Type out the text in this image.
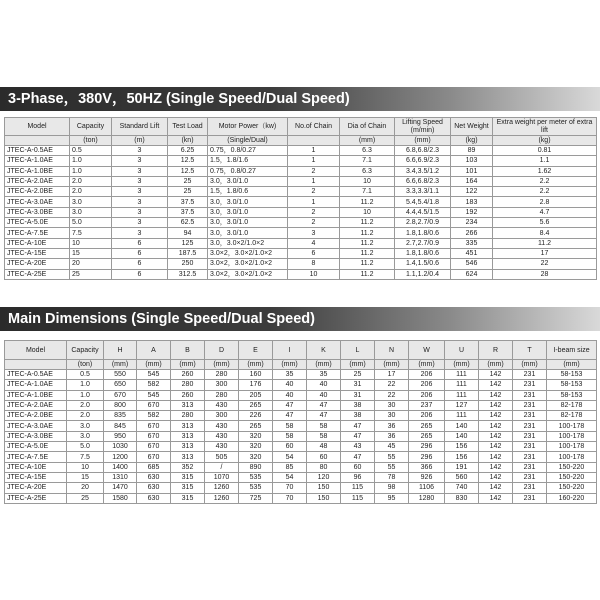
3-Phase，380V，50HZ (Single Speed/Dual Speed)
Model	Capacity	Standard Lift	Test Load	Motor Power（kw)	No.of Chain	Dia of Chain	Lifting Speed (m/min)	Net Weight	Extra weight per meter of extra lift
	(ton)	(m)	(kn)	(Single/Dual)		(mm)	(mm)	(kg)	(kg)
JTEC-A-0.5AE	0.5	3	6.25	0.75，0.8/0.27	1	6.3	6.8,6.8/2.3	89	0.81
JTEC-A-1.0AE	1.0	3	12.5	1.5，1.8/1.6	1	7.1	6.6,6.9/2.3	103	1.1
JTEC-A-1.0BE	1.0	3	12.5	0.75，0.8/0.27	2	6.3	3.4,3.5/1.2	101	1.62
JTEC-A-2.0AE	2.0	3	25	3.0，3.0/1.0	1	10	6.6,6.8/2.3	164	2.2
JTEC-A-2.0BE	2.0	3	25	1.5，1.8/0.6	2	7.1	3.3,3.3/1.1	122	2.2
JTEC-A-3.0AE	3.0	3	37.5	3.0，3.0/1.0	1	11.2	5.4,5.4/1.8	183	2.8
JTEC-A-3.0BE	3.0	3	37.5	3.0，3.0/1.0	2	10	4.4,4.5/1.5	192	4.7
JTEC-A-5.0E	5.0	3	62.5	3.0，3.0/1.0	2	11.2	2.8,2.7/0.9	234	5.6
JTEC-A-7.5E	7.5	3	94	3.0，3.0/1.0	3	11.2	1.8,1.8/0.6	266	8.4
JTEC-A-10E	10	6	125	3.0，3.0×2/1.0×2	4	11.2	2.7,2.7/0.9	335	11.2
JTEC-A-15E	15	6	187.5	3.0×2，3.0×2/1.0×2	6	11.2	1.8,1.8/0.6	451	17
JTEC-A-20E	20	6	250	3.0×2，3.0×2/1.0×2	8	11.2	1.4,1.5/0.6	546	22
JTEC-A-25E	25	6	312.5	3.0×2，3.0×2/1.0×2	10	11.2	1.1,1.2/0.4	624	28
Main Dimensions (Single Speed/Dual Speed)
Model	Capacity	H	A	B	D	E	I	K	L	N	W	U	R	T	I-beam size
	(ton)	(mm)	(mm)	(mm)	(mm)	(mm)	(mm)	(mm)	(mm)	(mm)	(mm)	(mm)	(mm)	(mm)	(mm)
JTEC-A-0.5AE	0.5	550	545	260	280	160	35	35	25	17	206	111	142	231	58-153
JTEC-A-1.0AE	1.0	650	582	280	300	176	40	40	31	22	206	111	142	231	58-153
JTEC-A-1.0BE	1.0	670	545	260	280	205	40	40	31	22	206	111	142	231	58-153
JTEC-A-2.0AE	2.0	800	670	313	430	265	47	47	38	30	237	127	142	231	82-178
JTEC-A-2.0BE	2.0	835	582	280	300	226	47	47	38	30	206	111	142	231	82-178
JTEC-A-3.0AE	3.0	845	670	313	430	265	58	58	47	36	265	140	142	231	100-178
JTEC-A-3.0BE	3.0	950	670	313	430	320	58	58	47	36	265	140	142	231	100-178
JTEC-A-5.0E	5.0	1030	670	313	430	320	60	48	43	45	296	156	142	231	100-178
JTEC-A-7.5E	7.5	1200	670	313	505	320	54	60	47	55	296	156	142	231	100-178
JTEC-A-10E	10	1400	685	352	/	890	85	80	60	55	366	191	142	231	150-220
JTEC-A-15E	15	1310	630	315	1070	535	54	120	96	78	926	560	142	231	150-220
JTEC-A-20E	20	1470	630	315	1260	535	70	150	115	98	1106	740	142	231	150-220
JTEC-A-25E	25	1580	630	315	1260	725	70	150	115	95	1280	830	142	231	160-220
